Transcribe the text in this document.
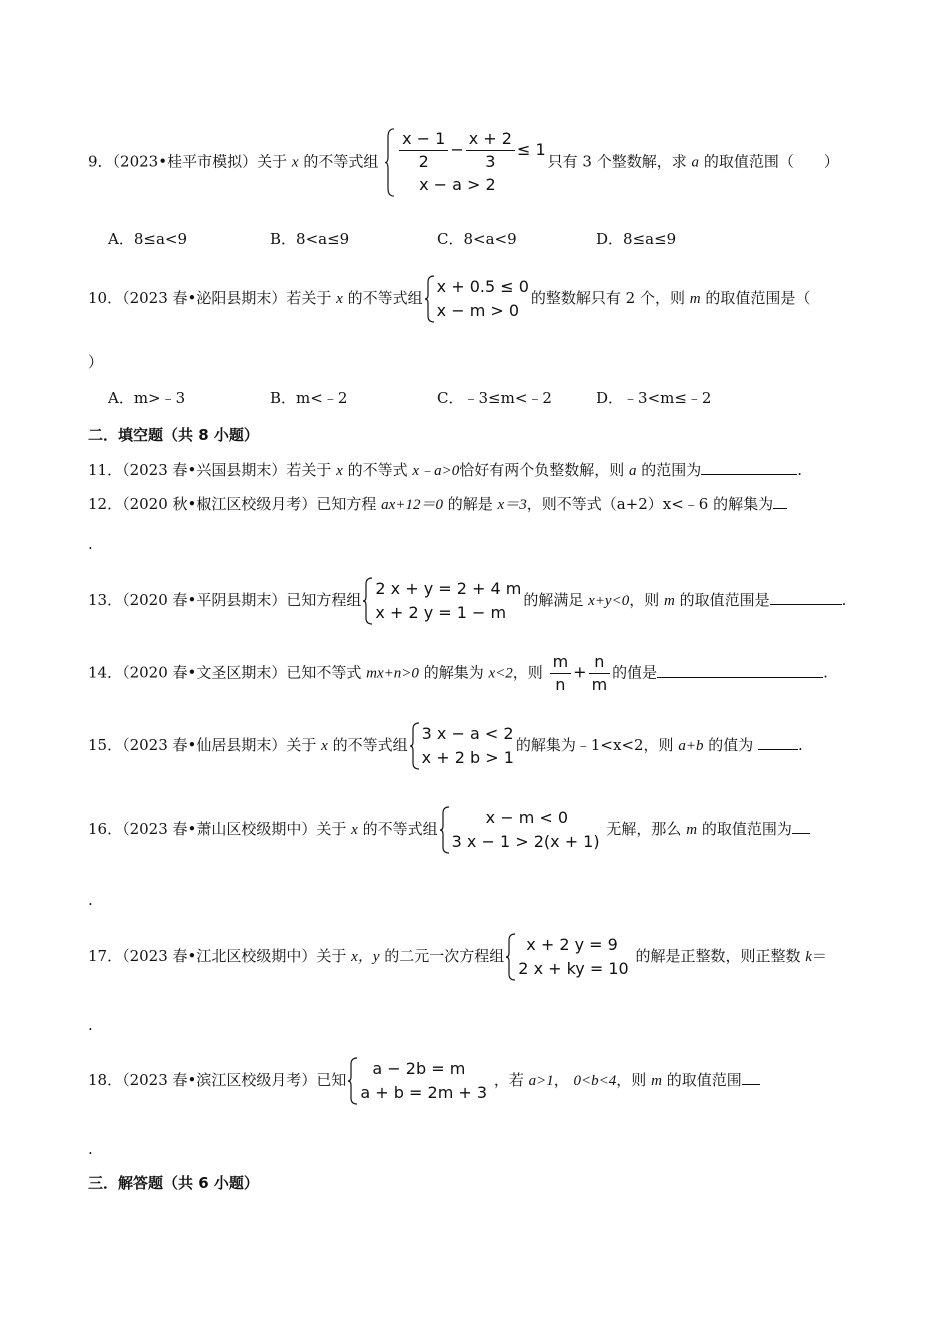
9．（2023•桂平市模拟）关于 x 的不等式组 $\frac{x - 1}{2} - \frac{x + 2}{3} \le 1$
x − a > 2
只有 3 个整数解，求 a 的取值范围（　　）
A．8≤a<9	B．8<a≤9	C．8<a<9	D．8≤a≤9
10．（2023 春•泌阳县期末）若关于 x 的不等式组
x + 0.5 ≤ 0
x − m > 0
的整数解只有 2 个，则 m 的取值范围是（
）
A．m>﹣3	B．m<﹣2	C．﹣3≤m<﹣2	D．﹣3<m≤﹣2
二．填空题（共 8 小题）
11．（2023 春•兴国县期末）若关于 x 的不等式 x﹣a>0恰好有两个负整数解，则 a 的范围为	.
12．（2020 秋•椒江区校级月考）已知方程 ax+12＝0 的解是 x＝3，则不等式（a+2）x<﹣6 的解集为
.
13．（2020 春•平阴县期末）已知方程组
2 x + y = 2 + 4 m
x + 2 y = 1 − m
的解满足 x+y<0，则 m 的取值范围是	.
14．（2020 春•文圣区期末）已知不等式 mx+n>0 的解集为 x<2，则 $\frac{m}{n} + \frac{n}{m}$ 的值是	.
15．（2023 春•仙居县期末）关于 x 的不等式组
3 x − a < 2
x + 2 b > 1
的解集为﹣1<x<2，则 a+b 的值为	.
16．（2023 春•萧山区校级期中）关于 x 的不等式组
x − m < 0
3 x − 1 > 2(x + 1)
无解，那么 m 的取值范围为
.
17．（2023 春•江北区校级期中）关于 x，y 的二元一次方程组
x + 2 y = 9
2 x + ky = 10
的解是正整数，则正整数 k＝
.
18．（2023 春•滨江区校级月考）已知
a − 2b = m
a + b = 2m + 3
，若 a>1， 0<b<4，则 m 的取值范围
.
三．解答题（共 6 小题）
